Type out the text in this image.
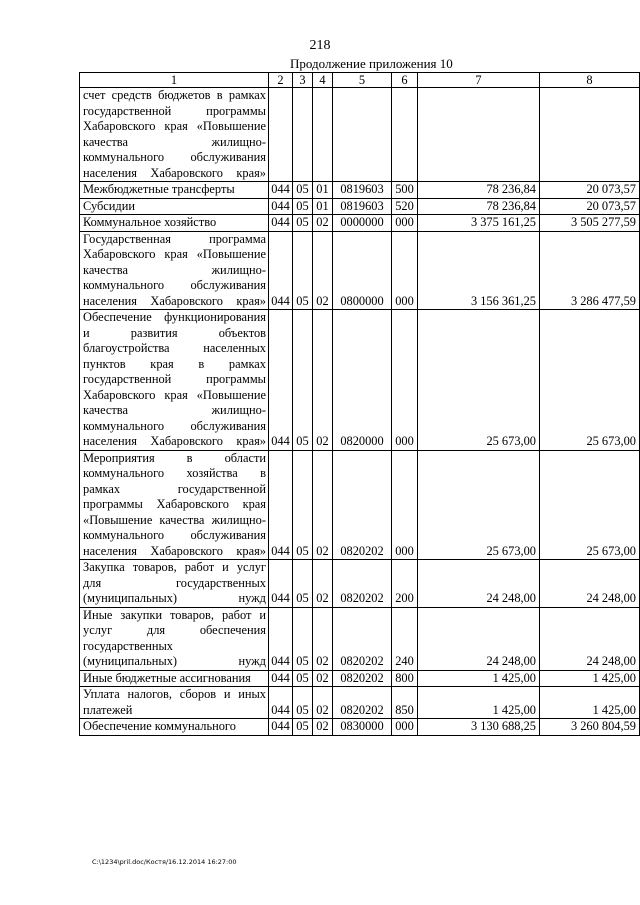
218
Продолжение приложения 10
1	2	3	4	5	6	7	8
счет средств бюджетов в рамках государственной программы Хабаровского края «Повышение качества жилищно-коммунального обслуживания населения Хабаровского края»							
Межбюджетные трансферты	044	05	01	0819603	500	78 236,84	20 073,57
Субсидии	044	05	01	0819603	520	78 236,84	20 073,57
Коммунальное хозяйство	044	05	02	0000000	000	3 375 161,25	3 505 277,59
Государственная программа Хабаровского края «Повышение качества жилищно-коммунального обслуживания населения Хабаровского края»	044	05	02	0800000	000	3 156 361,25	3 286 477,59
Обеспечение функционирования и развития объектов благоустройства населенных пунктов края в рамках государственной программы Хабаровского края «Повышение качества жилищно-коммунального обслуживания населения Хабаровского края»	044	05	02	0820000	000	25 673,00	25 673,00
Мероприятия в области коммунального хозяйства в рамках государственной программы Хабаровского края «Повышение качества жилищно-коммунального обслуживания населения Хабаровского края»	044	05	02	0820202	000	25 673,00	25 673,00
Закупка товаров, работ и услуг для государственных (муниципальных) нужд	044	05	02	0820202	200	24 248,00	24 248,00
Иные закупки товаров, работ и услуг для обеспечения государственных (муниципальных) нужд	044	05	02	0820202	240	24 248,00	24 248,00
Иные бюджетные ассигнования	044	05	02	0820202	800	1 425,00	1 425,00
Уплата налогов, сборов и иных платежей	044	05	02	0820202	850	1 425,00	1 425,00
Обеспечение коммунального	044	05	02	0830000	000	3 130 688,25	3 260 804,59
C:\1234\pril.doc/Костя/16.12.2014 16:27:00
